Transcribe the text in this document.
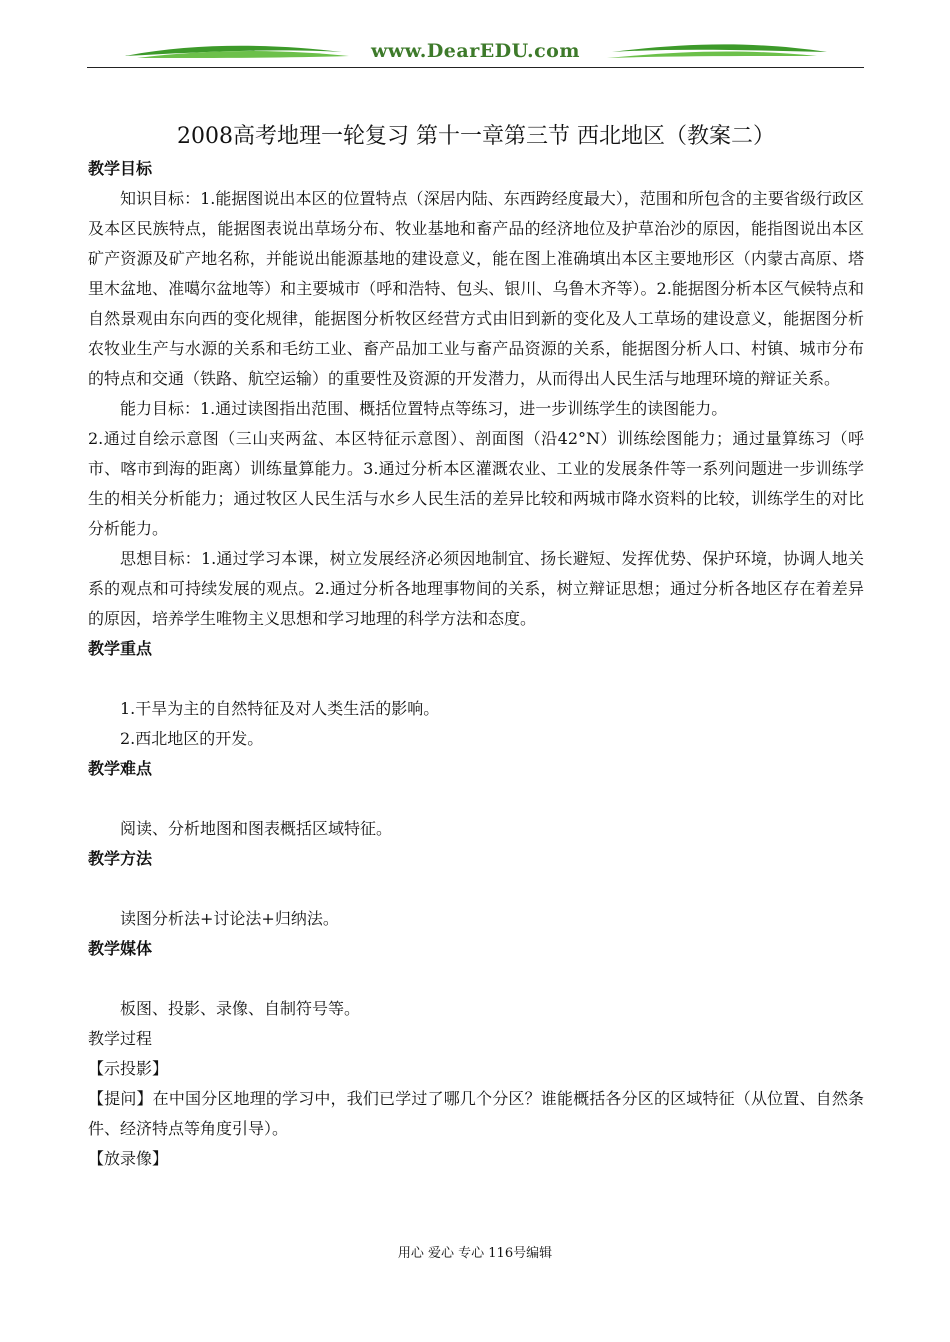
www.DearEDU.com
2008高考地理一轮复习 第十一章第三节 西北地区（教案二）
教学目标

知识目标：1.能据图说出本区的位置特点（深居内陆、东西跨经度最大），范围和所包含的主要省级行政区及本区民族特点，能据图表说出草场分布、牧业基地和畜产品的经济地位及护草治沙的原因，能指图说出本区矿产资源及矿产地名称，并能说出能源基地的建设意义，能在图上准确填出本区主要地形区（内蒙古高原、塔里木盆地、准噶尔盆地等）和主要城市（呼和浩特、包头、银川、乌鲁木齐等）。2.能据图分析本区气候特点和自然景观由东向西的变化规律，能据图分析牧区经营方式由旧到新的变化及人工草场的建设意义，能据图分析农牧业生产与水源的关系和毛纺工业、畜产品加工业与畜产品资源的关系，能据图分析人口、村镇、城市分布的特点和交通（铁路、航空运输）的重要性及资源的开发潜力，从而得出人民生活与地理环境的辩证关系。

能力目标：1.通过读图指出范围、概括位置特点等练习，进一步训练学生的读图能力。

2.通过自绘示意图（三山夹两盆、本区特征示意图）、剖面图（沿42°N）训练绘图能力；通过量算练习（呼市、喀市到海的距离）训练量算能力。3.通过分析本区灌溉农业、工业的发展条件等一系列问题进一步训练学生的相关分析能力；通过牧区人民生活与水乡人民生活的差异比较和两城市降水资料的比较，训练学生的对比分析能力。

思想目标：1.通过学习本课，树立发展经济必须因地制宜、扬长避短、发挥优势、保护环境，协调人地关系的观点和可持续发展的观点。2.通过分析各地理事物间的关系，树立辩证思想；通过分析各地区存在着差异的原因，培养学生唯物主义思想和学习地理的科学方法和态度。

教学重点

1.干旱为主的自然特征及对人类生活的影响。

2.西北地区的开发。

教学难点

阅读、分析地图和图表概括区域特征。

教学方法

读图分析法+讨论法+归纳法。

教学媒体

板图、投影、录像、自制符号等。

教学过程

【示投影】

【提问】在中国分区地理的学习中，我们已学过了哪几个分区？谁能概括各分区的区域特征（从位置、自然条件、经济特点等角度引导）。

【放录像】

用心 爱心 专心 116号编辑
